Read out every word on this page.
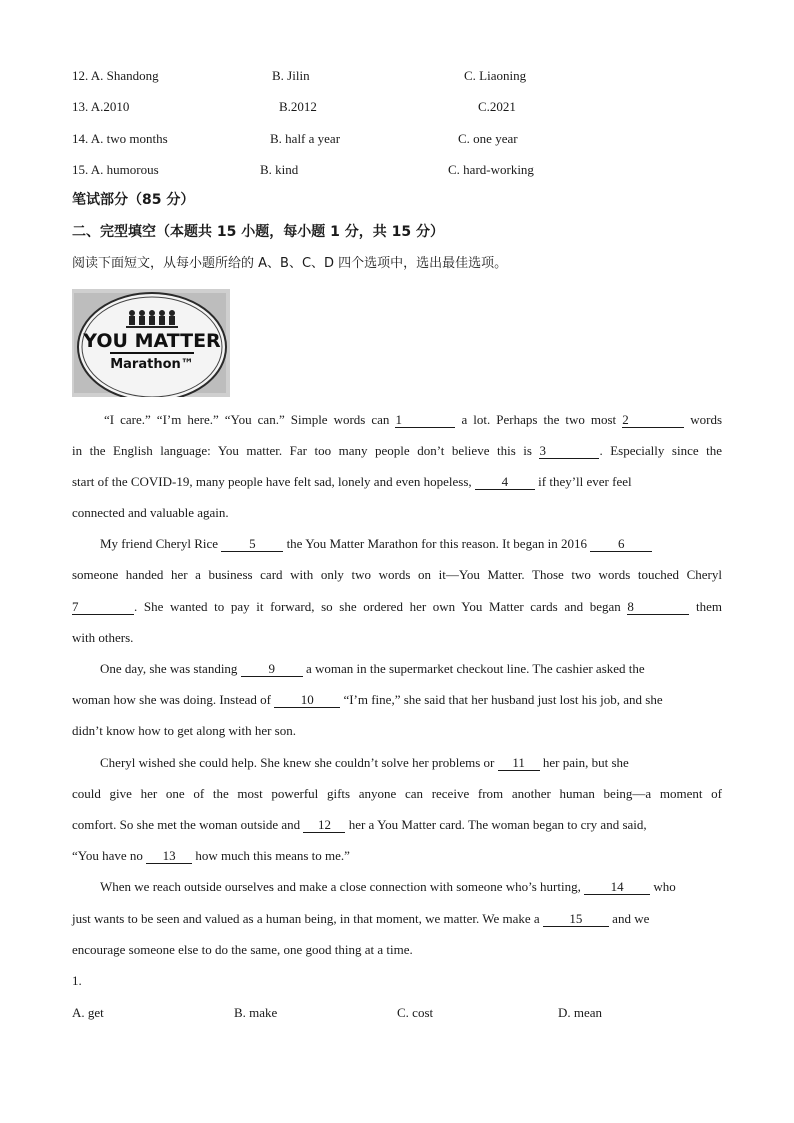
12. A. Shandong	B. Jilin	C. Liaoning
13. A.2010	B.2012	C.2021
14. A. two months	B. half a year	C. one year
15. A. humorous	B. kind	C. hard-working
笔试部分（85 分）
二、完型填空（本题共 15 小题，每小题 1 分，共 15 分）
阅读下面短文，从每小题所给的 A、B、C、D 四个选项中，选出最佳选项。
YOU MATTER
Marathon™
“I care.” “I’m here.” “You can.” Simple words can 1	a lot. Perhaps the two most 2	words
in the English language: You matter. Far too many people don’t believe this is 3	. Especially since the
start of the COVID-19, many people have felt sad, lonely and even hopeless, 4 if they’ll ever feel
connected and valuable again.
My friend Cheryl Rice 5 the You Matter Marathon for this reason. It began in 2016 6
someone handed her a business card with only two words on it—You Matter. Those two words touched Cheryl
7	. She wanted to pay it forward, so she ordered her own You Matter cards and began 8	them
with others.
One day, she was standing 9 a woman in the supermarket checkout line. The cashier asked the
woman how she was doing. Instead of 10 “I’m fine,” she said that her husband just lost his job, and she
didn’t know how to get along with her son.
Cheryl wished she could help. She knew she couldn’t solve her problems or 11 her pain, but she
could give her one of the most powerful gifts anyone can receive from another human being—a moment of
comfort. So she met the woman outside and 12 her a You Matter card. The woman began to cry and said,
“You have no 13 how much this means to me.”
When we reach outside ourselves and make a close connection with someone who’s hurting, 14 who
just wants to be seen and valued as a human being, in that moment, we matter. We make a 15 and we
encourage someone else to do the same, one good thing at a time.
1.
A. get	B. make	C. cost	D. mean
